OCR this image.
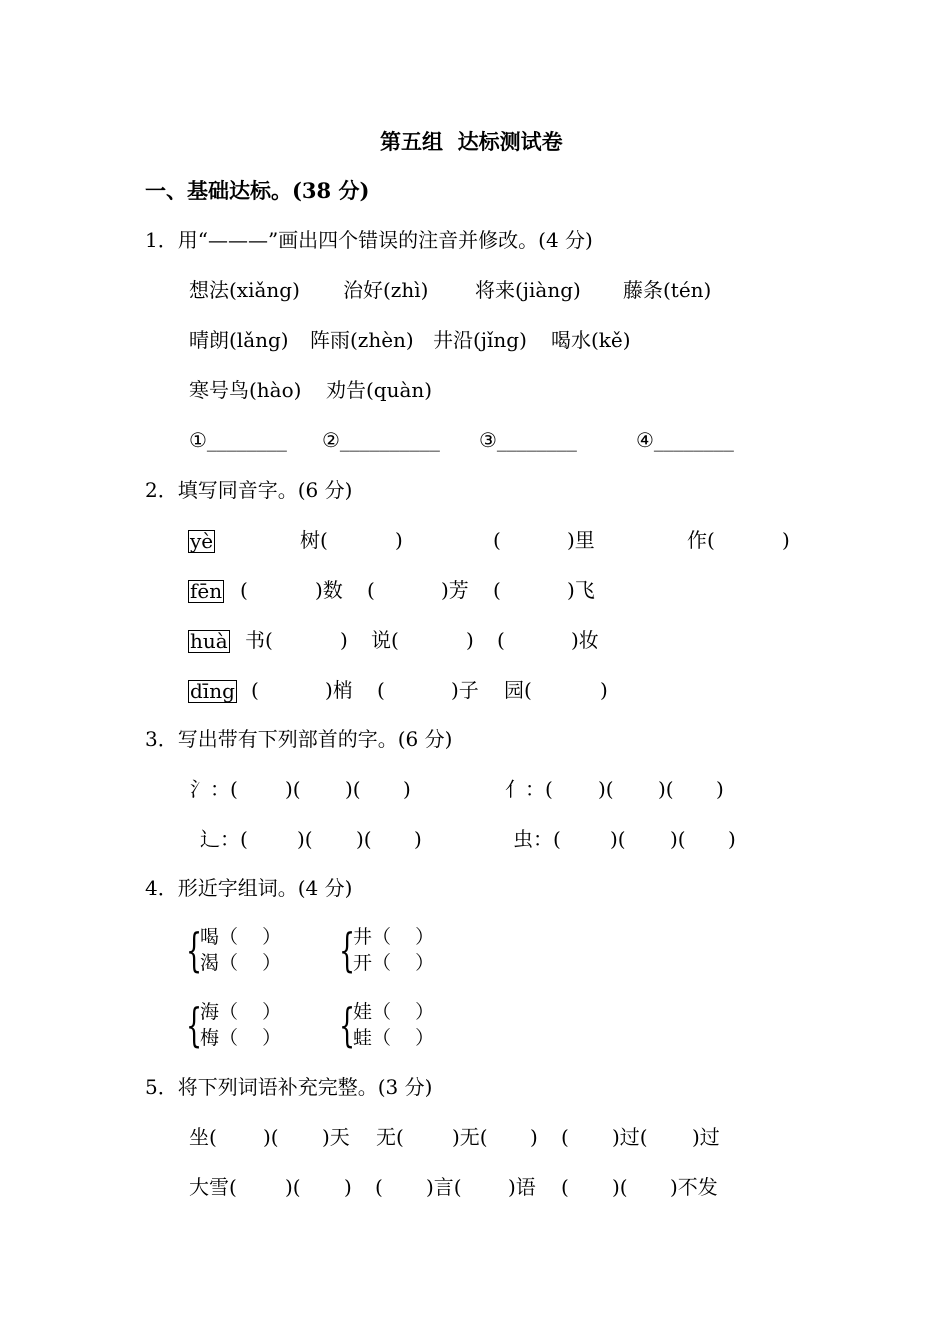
第五组  达标测试卷
一、基础达标。(38 分)
1．用“———”画出四个错误的注音并修改。(4 分)
想法(xiǎng) 治好(zhì) 将来(jiàng) 藤条(tén)
晴朗(lǎng) 阵雨(zhèn) 井沿(jǐng) 喝水(kě)
寒号鸟(hào) 劝告(quàn)
①________ ②__________ ③________	④________
2．填写同音字。(6 分)
yè	树(	)	(	)里	作(	)
fēn (	)数 (	)芳 (	)飞
huà 书(	) 说(	) (	)妆
dīng (	)梢 (	)子 园(	)
3．写出带有下列部首的字。(6 分)
氵：( )( )( )	亻：( )( )( )
辶：( )( )( )	虫：( )( )( )
4．形近字组词。(4 分)
{
喝（    ）
渴（    ） {
井（    ）
开（    ）
{
海（    ）
梅（    ） {
娃（    ）
蛙（    ）
5．将下列词语补充完整。(3 分)
坐( )( )天 无( )无( ) ( )过( )过
大雪( )( ) ( )言( )语 ( )( )不发
